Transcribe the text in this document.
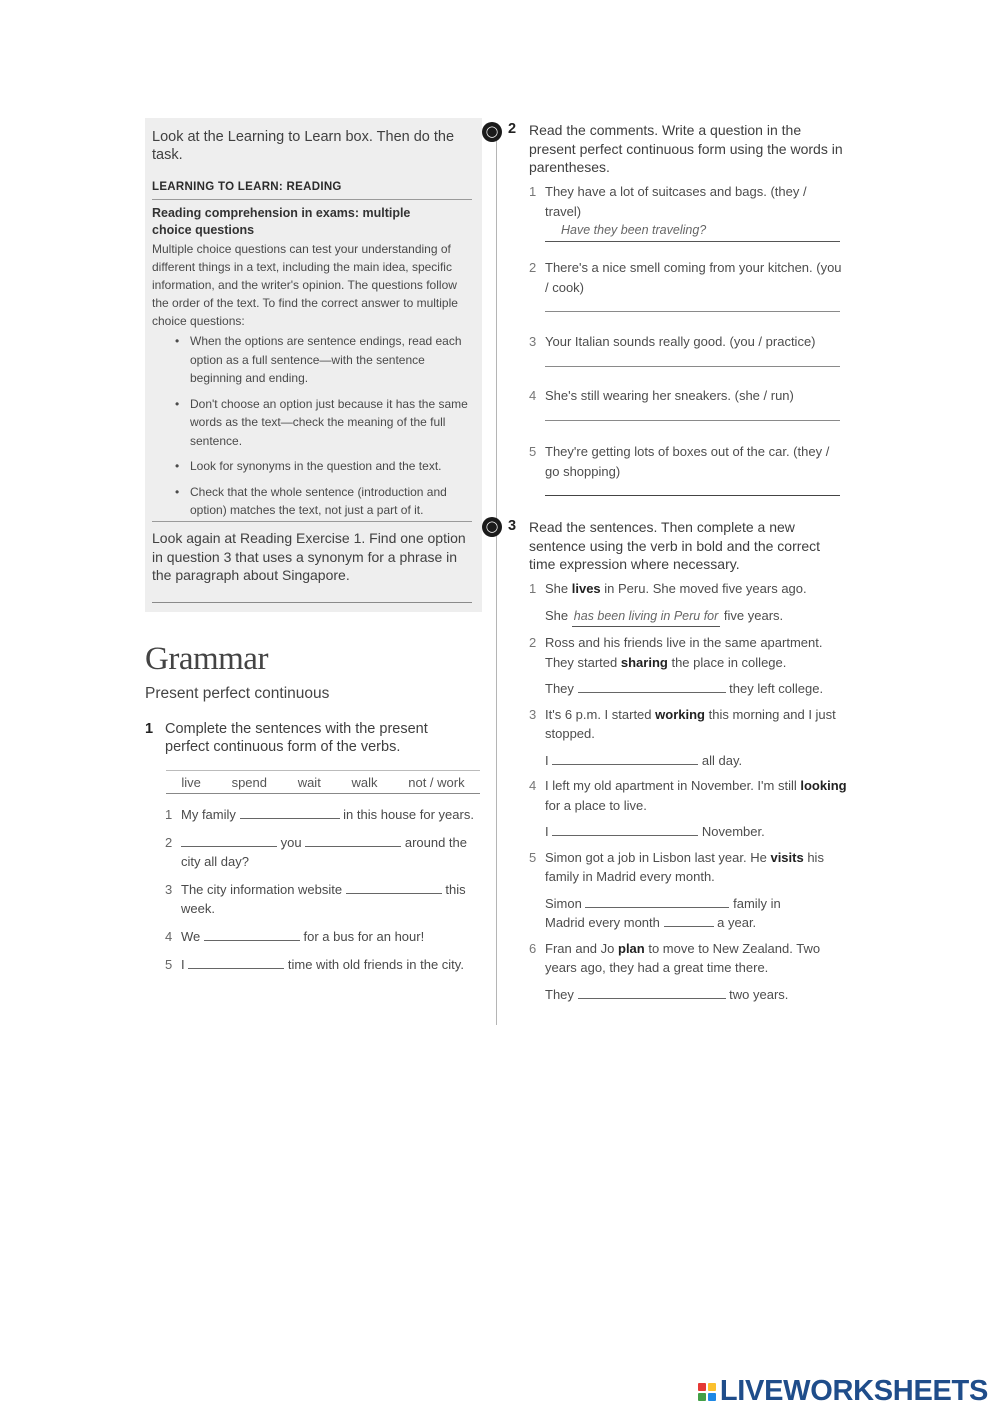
Look at the Learning to Learn box. Then do the task.
LEARNING TO LEARN: READING
Reading comprehension in exams: multiple choice questions
Multiple choice questions can test your understanding of different things in a text, including the main idea, specific information, and the writer's opinion. The questions follow the order of the text. To find the correct answer to multiple choice questions:
• When the options are sentence endings, read each option as a full sentence—with the sentence beginning and ending.
• Don't choose an option just because it has the same words as the text—check the meaning of the full sentence.
• Look for synonyms in the question and the text.
• Check that the whole sentence (introduction and option) matches the text, not just a part of it.
Look again at Reading Exercise 1. Find one option in question 3 that uses a synonym for a phrase in the paragraph about Singapore.
Grammar
Present perfect continuous
1 Complete the sentences with the present perfect continuous form of the verbs.
live spend wait walk not / work
1 My family	in this house for years.
2	you	around the city all day?
3 The city information website	this week.
4 We	for a bus for an hour!
5 I	time with old friends in the city.
◯ 2 Read the comments. Write a question in the present perfect continuous form using the words in parentheses.
1 They have a lot of suitcases and bags. (they / travel)
Have they been traveling?
2 There's a nice smell coming from your kitchen. (you / cook)
3 Your Italian sounds really good. (you / practice)
4 She's still wearing her sneakers. (she / run)
5 They're getting lots of boxes out of the car. (they / go shopping)
◯ 3 Read the sentences. Then complete a new sentence using the verb in bold and the correct time expression where necessary.
1 She lives in Peru. She moved five years ago.
She has been living in Peru for five years.
2 Ross and his friends live in the same apartment. They started sharing the place in college.
They	they left college.
3 It's 6 p.m. I started working this morning and I just stopped.
I	all day.
4 I left my old apartment in November. I'm still looking for a place to live.
I	November.
5 Simon got a job in Lisbon last year. He visits his family in Madrid every month.
Simon	family in
Madrid every month	a year.
6 Fran and Jo plan to move to New Zealand. Two years ago, they had a great time there.
They	two years.
LIVEWORKSHEETS
